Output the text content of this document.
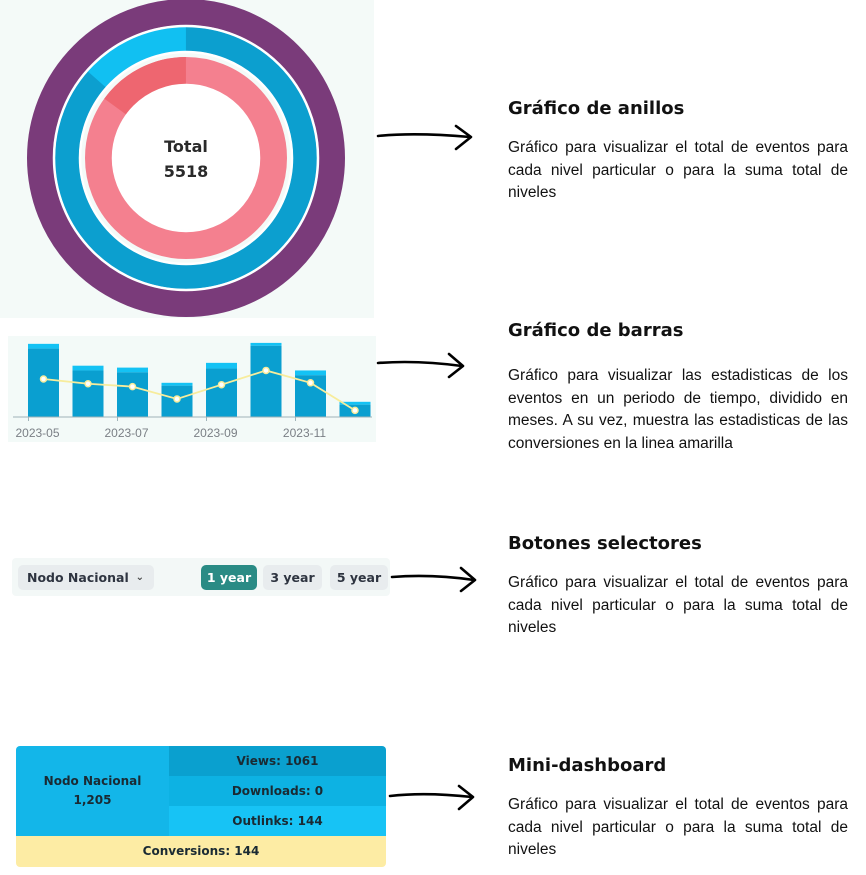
Total
5518
2023-05	2023-07	2023-09	2023-11
Nodo Nacional ⌄	1 year	3 year	5 year
Nodo Nacional
1,205
Views: 1061
Downloads: 0
Outlinks: 144
Conversions: 144
Gráfico de anillos

Gráfico para visualizar el total de eventos para cada nivel particular o para la suma total de niveles

Gráfico de barras

Gráfico para visualizar las estadisticas de los eventos en un periodo de tiempo, dividido en meses. A su vez, muestra las estadisticas de las conversiones en la linea amarilla

Botones selectores

Gráfico para visualizar el total de eventos para cada nivel particular o para la suma total de niveles

Mini-dashboard

Gráfico para visualizar el total de eventos para cada nivel particular o para la suma total de niveles
